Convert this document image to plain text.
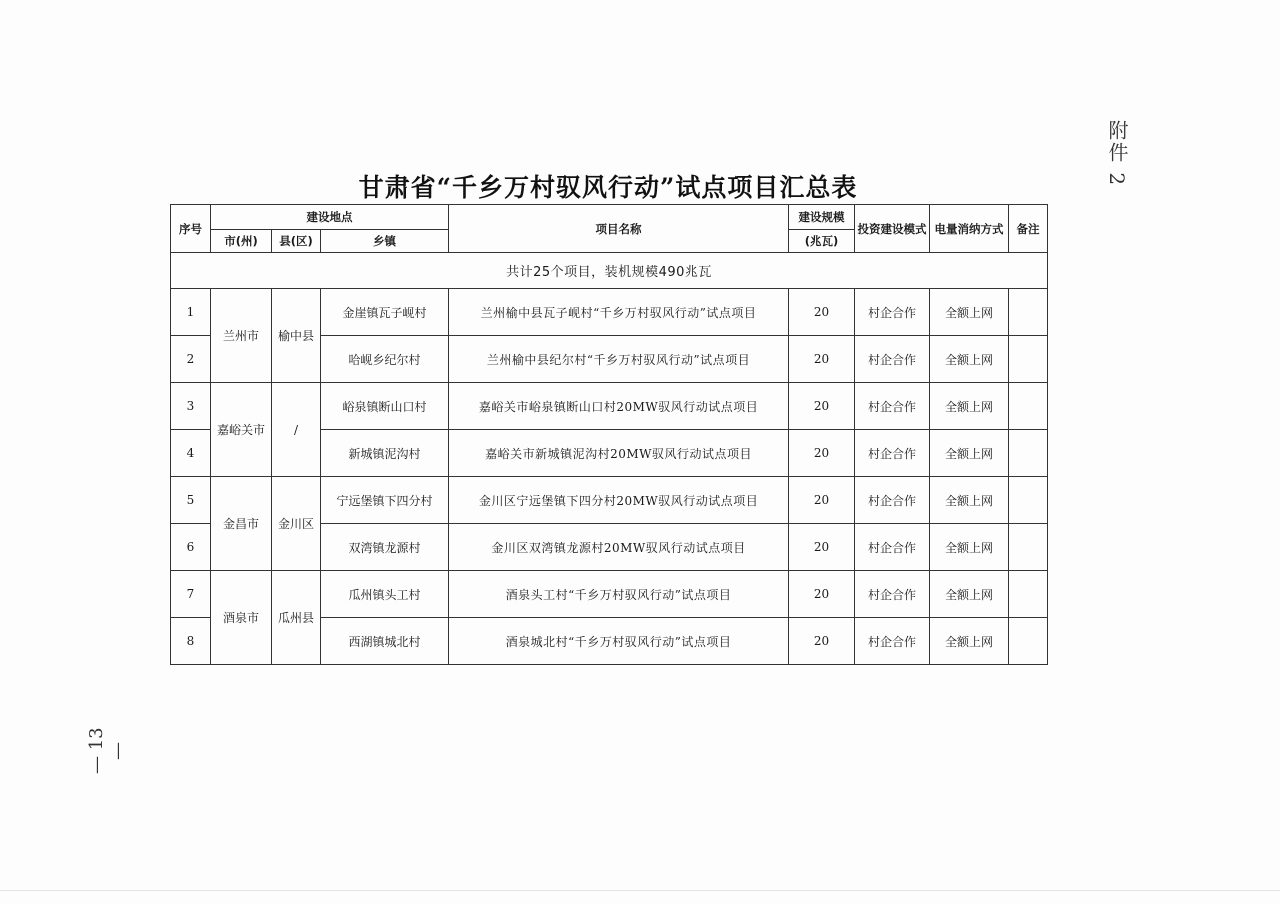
附件 2
甘肃省“千乡万村驭风行动”试点项目汇总表
序号	建设地点			项目名称	建设规模	投资建设模式	电量消纳方式	备注
	市(州)	县(区)	乡镇		(兆瓦)			
共计25个项目，装机规模490兆瓦								
1	兰州市	榆中县	金崖镇瓦子岘村	兰州榆中县瓦子岘村“千乡万村驭风行动”试点项目	20	村企合作	全额上网	
2			哈岘乡纪尔村	兰州榆中县纪尔村“千乡万村驭风行动”试点项目	20	村企合作	全额上网	
3	嘉峪关市	/	峪泉镇断山口村	嘉峪关市峪泉镇断山口村20MW驭风行动试点项目	20	村企合作	全额上网	
4			新城镇泥沟村	嘉峪关市新城镇泥沟村20MW驭风行动试点项目	20	村企合作	全额上网	
5	金昌市	金川区	宁远堡镇下四分村	金川区宁远堡镇下四分村20MW驭风行动试点项目	20	村企合作	全额上网	
6			双湾镇龙源村	金川区双湾镇龙源村20MW驭风行动试点项目	20	村企合作	全额上网	
7	酒泉市	瓜州县	瓜州镇头工村	酒泉头工村“千乡万村驭风行动”试点项目	20	村企合作	全额上网	
8			西湖镇城北村	酒泉城北村“千乡万村驭风行动”试点项目	20	村企合作	全额上网	
— 13 —
